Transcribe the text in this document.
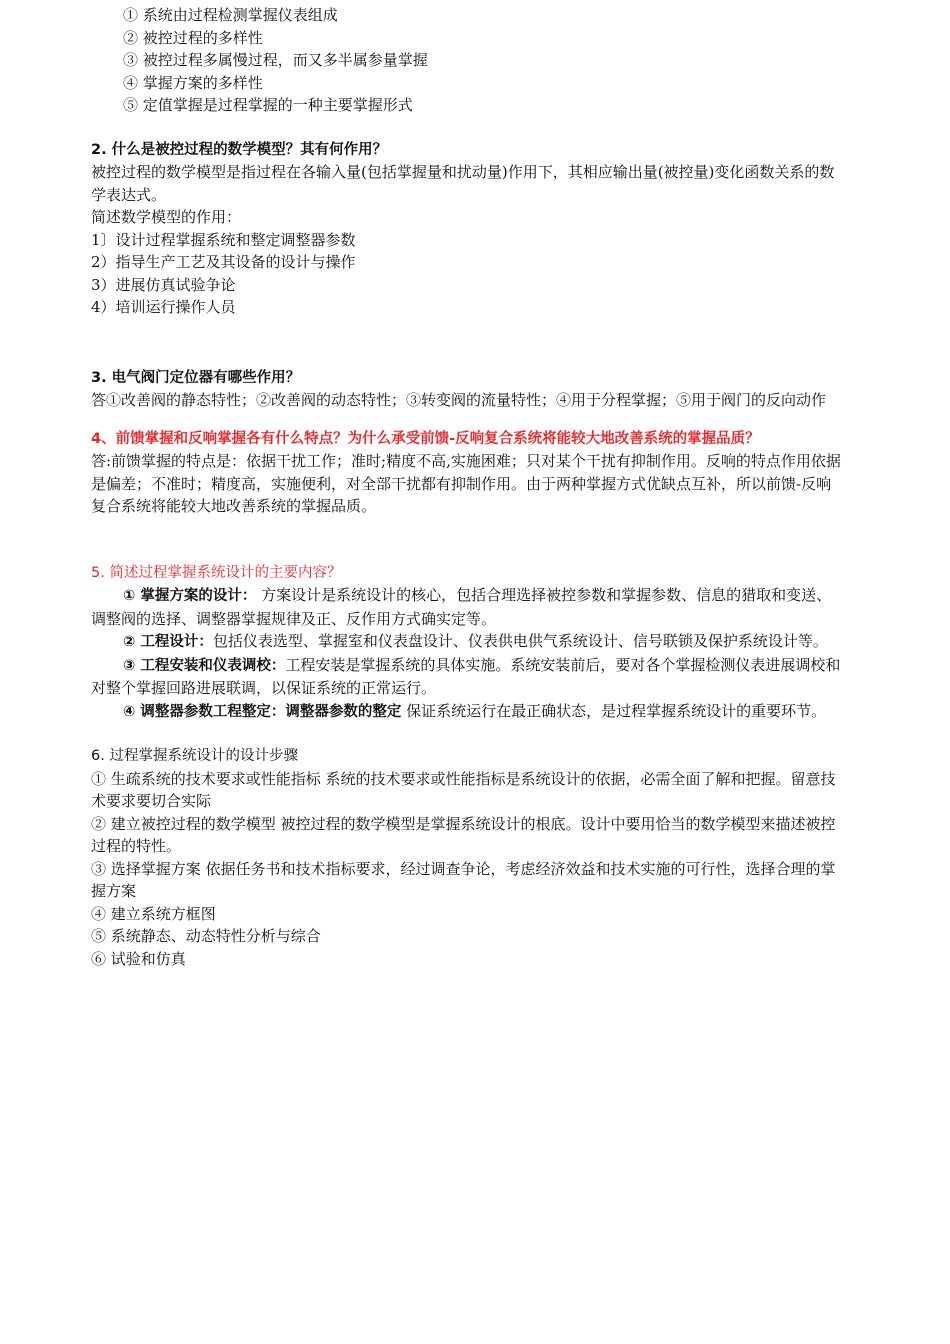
① 系统由过程检测掌握仪表组成
② 被控过程的多样性
③ 被控过程多属慢过程，而又多半属参量掌握
④ 掌握方案的多样性
⑤ 定值掌握是过程掌握的一种主要掌握形式
2. 什么是被控过程的数学模型？其有何作用？
被控过程的数学模型是指过程在各输入量(包括掌握量和扰动量)作用下，其相应输出量(被控量)变化函数关系的数学表达式。
简述数学模型的作用：
1〕设计过程掌握系统和整定调整器参数
2）指导生产工艺及其设备的设计与操作
3）进展仿真试验争论
4）培训运行操作人员
3. 电气阀门定位器有哪些作用？
答①改善阀的静态特性；②改善阀的动态特性；③转变阀的流量特性；④用于分程掌握；⑤用于阀门的反向动作
4、前馈掌握和反响掌握各有什么特点？为什么承受前馈-反响复合系统将能较大地改善系统的掌握品质？
答:前馈掌握的特点是：依据干扰工作；准时;精度不高,实施困难；只对某个干扰有抑制作用。反响的特点作用依据是偏差；不准时；精度高，实施便利，对全部干扰都有抑制作用。由于两种掌握方式优缺点互补，所以前馈-反响复合系统将能较大地改善系统的掌握品质。
5. 简述过程掌握系统设计的主要内容？
① 掌握方案的设计： 方案设计是系统设计的核心，包括合理选择被控参数和掌握参数、信息的猎取和变送、调整阀的选择、调整器掌握规律及正、反作用方式确实定等。
② 工程设计：包括仪表选型、掌握室和仪表盘设计、仪表供电供气系统设计、信号联锁及保护系统设计等。
③ 工程安装和仪表调校：工程安装是掌握系统的具体实施。系统安装前后，要对各个掌握检测仪表进展调校和对整个掌握回路进展联调，以保证系统的正常运行。
④ 调整器参数工程整定：调整器参数的整定 保证系统运行在最正确状态，是过程掌握系统设计的重要环节。
6. 过程掌握系统设计的设计步骤
① 生疏系统的技术要求或性能指标 系统的技术要求或性能指标是系统设计的依据，必需全面了解和把握。留意技术要求要切合实际
② 建立被控过程的数学模型 被控过程的数学模型是掌握系统设计的根底。设计中要用恰当的数学模型来描述被控过程的特性。
③ 选择掌握方案 依据任务书和技术指标要求，经过调查争论，考虑经济效益和技术实施的可行性，选择合理的掌握方案
④ 建立系统方框图
⑤ 系统静态、动态特性分析与综合
⑥ 试验和仿真
